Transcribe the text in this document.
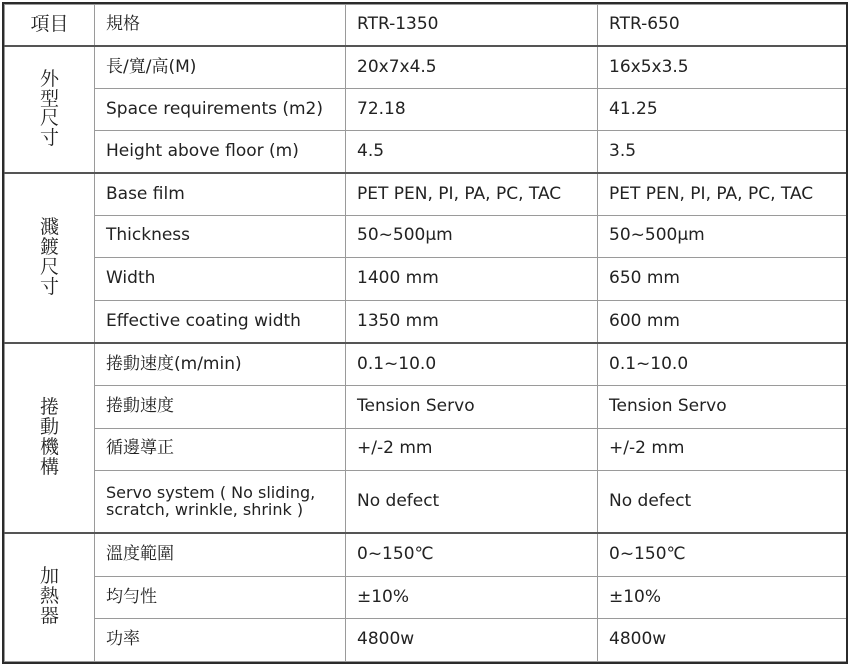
項目	規格	RTR-1350	RTR-650
外型尺寸	長/寬/高(M)	20x7x4.5	16x5x3.5
	Space requirements (m2)	72.18	41.25
	Height above floor (m)	4.5	3.5
濺鍍尺寸	Base film	PET PEN, PI, PA, PC, TAC	PET PEN, PI, PA, PC, TAC
	Thickness	50~500μm	50~500μm
	Width	1400 mm	650 mm
	Effective coating width	1350 mm	600 mm
捲動機構	捲動速度(m/min)	0.1~10.0	0.1~10.0
	捲動速度	Tension Servo	Tension Servo
	循邊導正	+/-2 mm	+/-2 mm
	Servo system ( No sliding, scratch, wrinkle, shrink )	No defect	No defect
加熱器	溫度範圍	0~150℃	0~150℃
	均勻性	±10%	±10%
	功率	4800w	4800w
